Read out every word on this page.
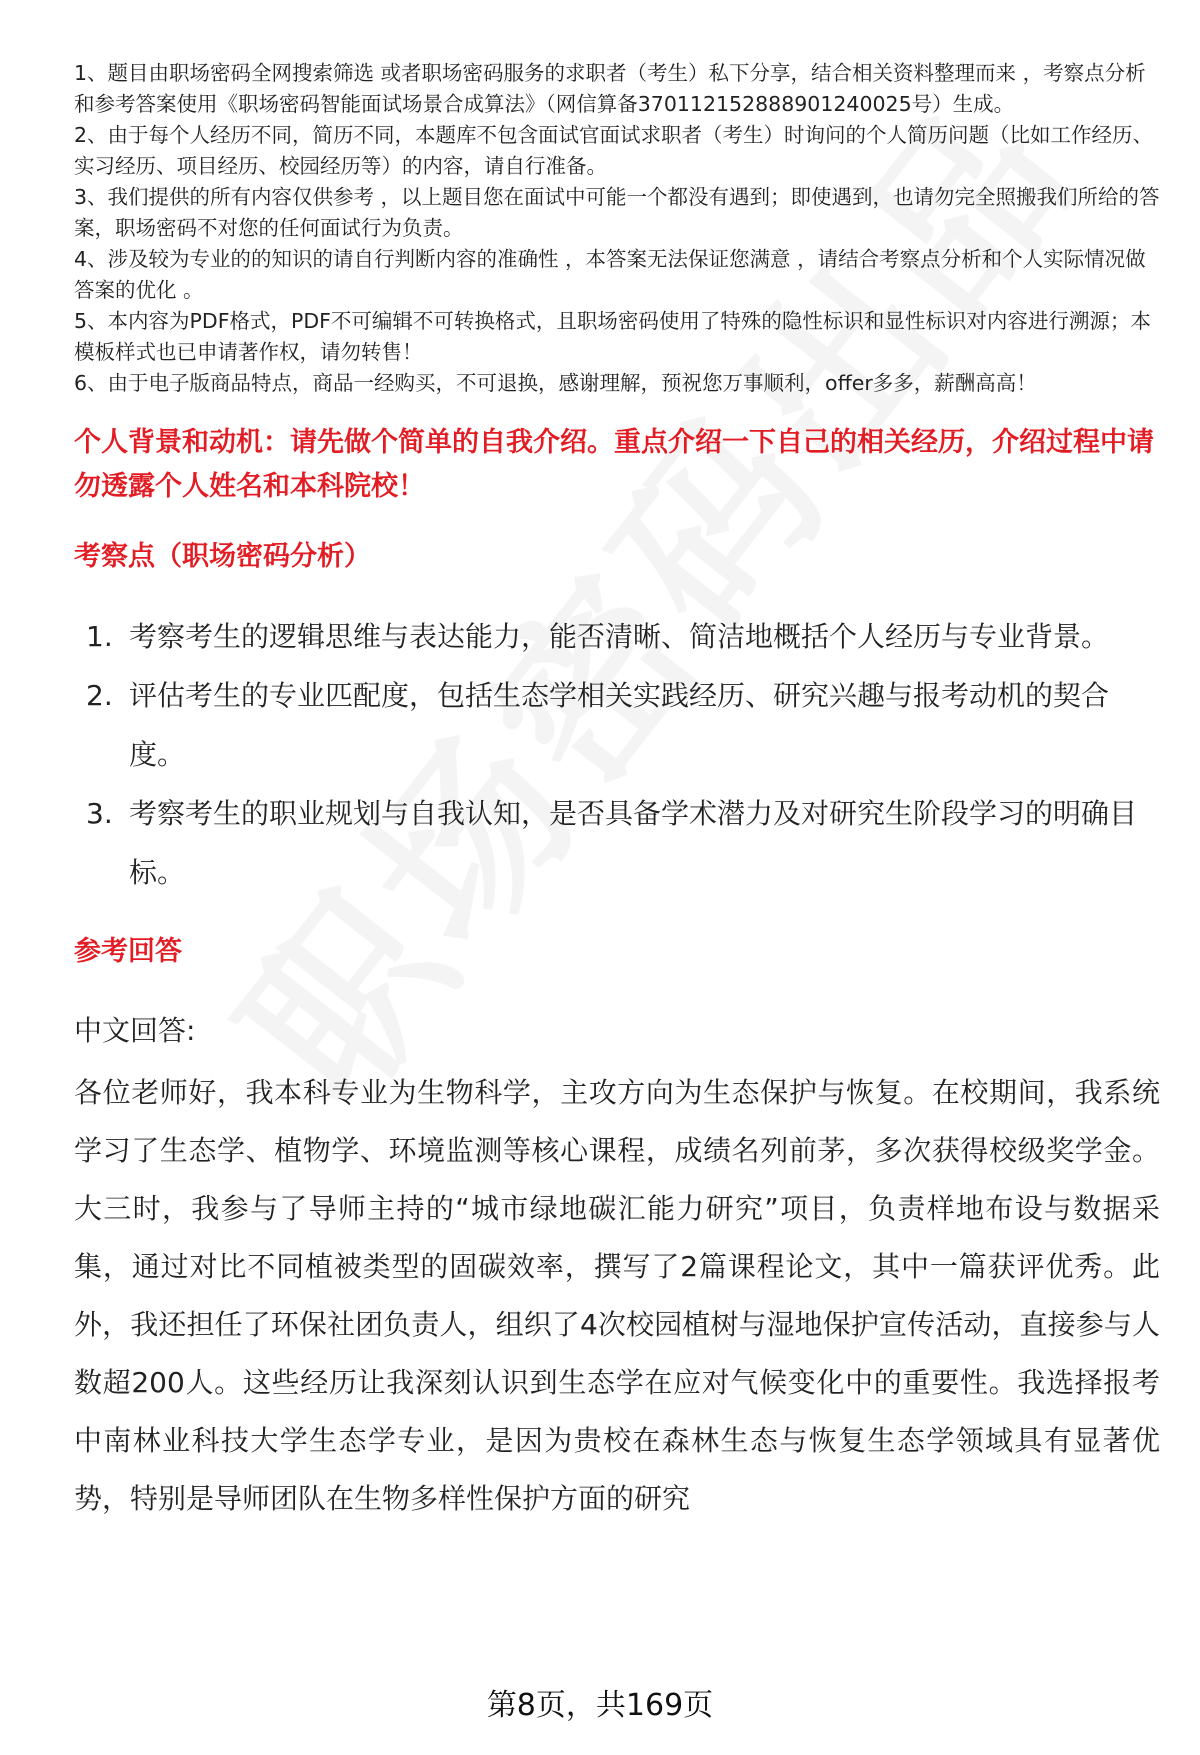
1、题目由职场密码全网搜索筛选 或者职场密码服务的求职者（考生）私下分享，结合相关资料整理而来 ，考察点分析和参考答案使用《职场密码智能面试场景合成算法》（网信算备370112152888901240025号）生成。

2、由于每个人经历不同，简历不同，本题库不包含面试官面试求职者（考生）时询问的个人简历问题（比如工作经历、实习经历、项目经历、校园经历等）的内容，请自行准备。

3、我们提供的所有内容仅供参考 ，以上题目您在面试中可能一个都没有遇到；即使遇到，也请勿完全照搬我们所给的答案，职场密码不对您的任何面试行为负责。

4、涉及较为专业的的知识的请自行判断内容的准确性 ，本答案无法保证您满意 ，请结合考察点分析和个人实际情况做答案的优化 。

5、本内容为PDF格式，PDF不可编辑不可转换格式，且职场密码使用了特殊的隐性标识和显性标识对内容进行溯源；本模板样式也已申请著作权，请勿转售！

6、由于电子版商品特点，商品一经购买，不可退换，感谢理解，预祝您万事顺利，offer多多，薪酬高高！

个人背景和动机：请先做个简单的自我介绍。重点介绍一下自己的相关经历，介绍过程中请勿透露个人姓名和本科院校！
考察点（职场密码分析）
1. 考察考生的逻辑思维与表达能力，能否清晰、简洁地概括个人经历与专业背景。
2. 评估考生的专业匹配度，包括生态学相关实践经历、研究兴趣与报考动机的契合度。
3. 考察考生的职业规划与自我认知，是否具备学术潜力及对研究生阶段学习的明确目标。
参考回答
中文回答:
各位老师好，我本科专业为生物科学，主攻方向为生态保护与恢复。在校期间，我系统学习了生态学、植物学、环境监测等核心课程，成绩名列前茅，多次获得校级奖学金。大三时，我参与了导师主持的“城市绿地碳汇能力研究”项目，负责样地布设与数据采集，通过对比不同植被类型的固碳效率，撰写了2篇课程论文，其中一篇获评优秀。此外，我还担任了环保社团负责人，组织了4次校园植树与湿地保护宣传活动，直接参与人数超200人。这些经历让我深刻认识到生态学在应对气候变化中的重要性。我选择报考中南林业科技大学生态学专业，是因为贵校在森林生态与恢复生态学领域具有显著优势，特别是导师团队在生物多样性保护方面的研究
第8页，共169页
